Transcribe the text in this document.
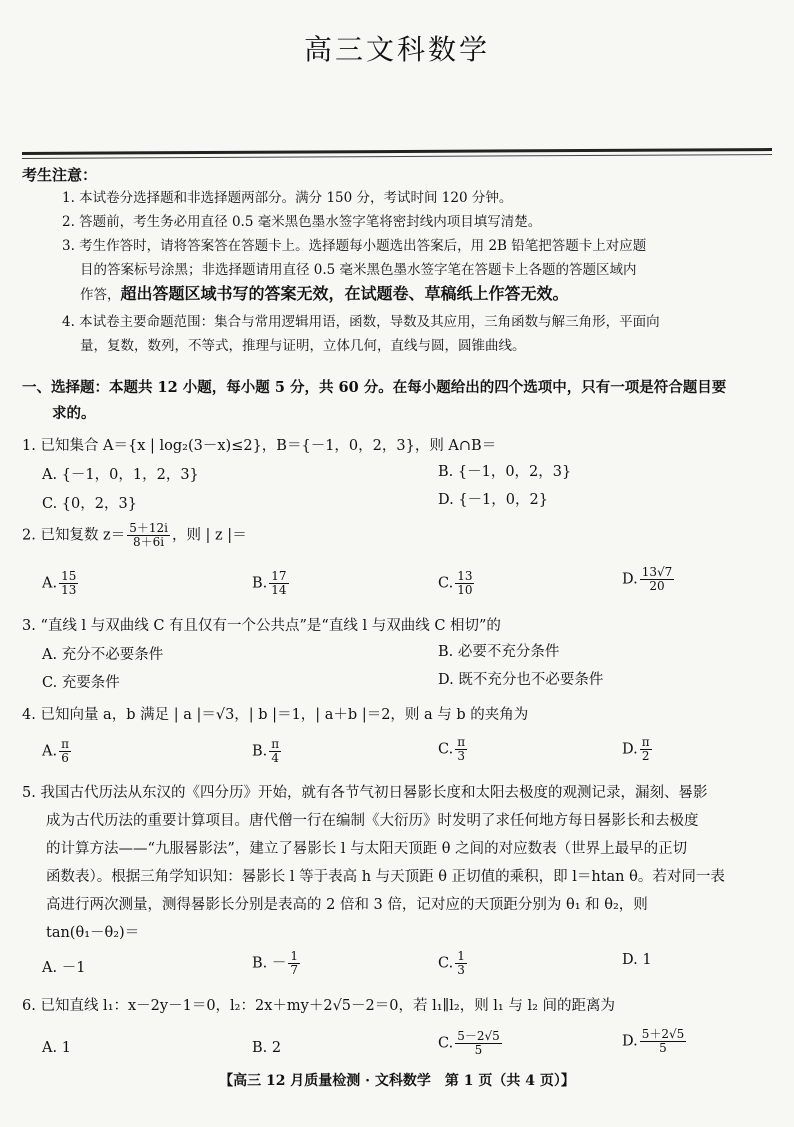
高三文科数学
考生注意：
1. 本试卷分选择题和非选择题两部分。满分 150 分，考试时间 120 分钟。
2. 答题前，考生务必用直径 0.5 毫米黑色墨水签字笔将密封线内项目填写清楚。
3. 考生作答时，请将答案答在答题卡上。选择题每小题选出答案后，用 2B 铅笔把答题卡上对应题
目的答案标号涂黑；非选择题请用直径 0.5 毫米黑色墨水签字笔在答题卡上各题的答题区域内
作答，超出答题区域书写的答案无效，在试题卷、草稿纸上作答无效。
4. 本试卷主要命题范围：集合与常用逻辑用语，函数，导数及其应用，三角函数与解三角形，平面向
量，复数，数列，不等式，推理与证明，立体几何，直线与圆，圆锥曲线。
一、选择题：本题共 12 小题，每小题 5 分，共 60 分。在每小题给出的四个选项中，只有一项是符合题目要
求的。
1. 已知集合 A＝{x | log₂(3－x)≤2}，B＝{－1，0，2，3}，则 A∩B＝
A. {－1，0，1，2，3}	B. {－1，0，2，3}
C. {0，2，3}	D. {－1，0，2}
2. 已知复数 $z= \frac{5+12i}{8+6i}$ ，则 | z |＝
A. $\frac{15}{13}$	B. $\frac{17}{14}$	C. $\frac{13}{10}$	D. $\frac{13√7}{20}$
3. “直线 l 与双曲线 C 有且仅有一个公共点”是“直线 l 与双曲线 C 相切”的
A. 充分不必要条件	B. 必要不充分条件
C. 充要条件	D. 既不充分也不必要条件
4. 已知向量 a，b 满足 | a |＝√3，| b |＝1，| a＋b |＝2，则 a 与 b 的夹角为
A. $\frac{\pi}{6}$	B. $\frac{\pi}{4}$	C. $\frac{\pi}{3}$	D. $\frac{\pi}{2}$
5. 我国古代历法从东汉的《四分历》开始，就有各节气初日晷影长度和太阳去极度的观测记录，漏刻、晷影
成为古代历法的重要计算项目。唐代僧一行在编制《大衍历》时发明了求任何地方每日晷影长和去极度
的计算方法——“九服晷影法”，建立了晷影长 l 与太阳天顶距 θ 之间的对应数表（世界上最早的正切
函数表）。根据三角学知识知：晷影长 l 等于表高 h 与天顶距 θ 正切值的乘积，即 l＝htan θ。若对同一表
高进行两次测量，测得晷影长分别是表高的 2 倍和 3 倍，记对应的天顶距分别为 θ₁ 和 θ₂，则
tan(θ₁－θ₂)＝
A. －1	B. － $\frac{1}{7}$	C. $\frac{1}{3}$	D. 1
6. 已知直线 l₁：x－2y－1＝0，l₂：2x＋my＋2√5－2＝0，若 l₁∥l₂，则 l₁ 与 l₂ 间的距离为
A. 1	B. 2	C. $\frac{5-2√5}{5}$	D. $\frac{5+2√5}{5}$
【高三 12 月质量检测 · 文科数学　第 1 页（共 4 页）】
